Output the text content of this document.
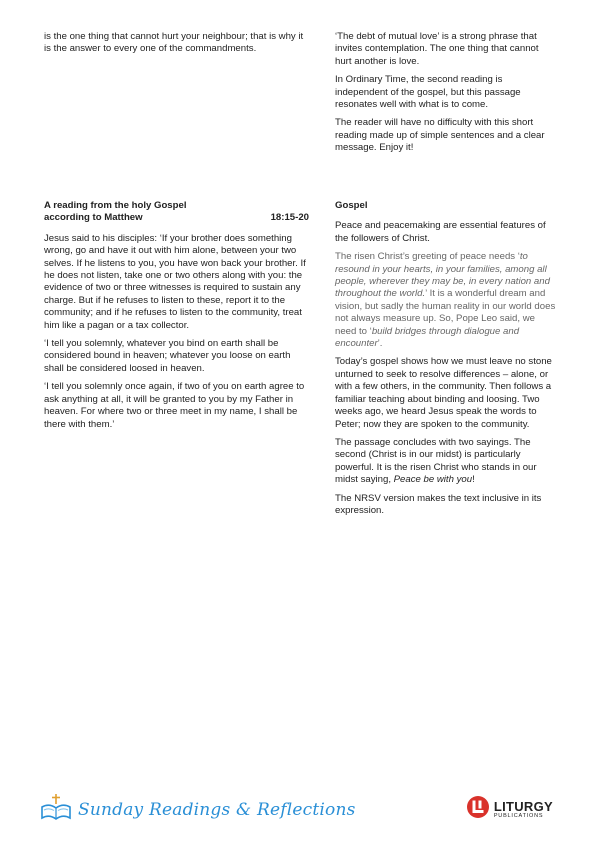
is the one thing that cannot hurt your neighbour; that is why it is the answer to every one of the commandments.

‘The debt of mutual love’ is a strong phrase that invites contemplation. The one thing that cannot hurt another is love.

In Ordinary Time, the second reading is independent of the gospel, but this passage resonates well with what is to come.

The reader will have no difficulty with this short reading made up of simple sentences and a clear message. Enjoy it!

A reading from the holy Gospel
according to Matthew	18:15-20

Jesus said to his disciples: ‘If your brother does something wrong, go and have it out with him alone, between your two selves. If he listens to you, you have won back your brother. If he does not listen, take one or two others along with you: the evidence of two or three witnesses is required to sustain any charge. But if he refuses to listen to these, report it to the community; and if he refuses to listen to the community, treat him like a pagan or a tax collector.

‘I tell you solemnly, whatever you bind on earth shall be considered bound in heaven; whatever you loose on earth shall be considered loosed in heaven.

‘I tell you solemnly once again, if two of you on earth agree to ask anything at all, it will be granted to you by my Father in heaven. For where two or three meet in my name, I shall be there with them.’

Gospel

Peace and peacemaking are essential features of the followers of Christ.

The risen Christ’s greeting of peace needs ‘to resound in your hearts, in your families, among all people, wherever they may be, in every nation and throughout the world.’ It is a wonderful dream and vision, but sadly the human reality in our world does not always measure up. So, Pope Leo said, we need to ‘build bridges through dialogue and encounter’.

Today’s gospel shows how we must leave no stone unturned to seek to resolve differences – alone, or with a few others, in the community. Then follows a familiar teaching about binding and loosing. Two weeks ago, we heard Jesus speak the words to Peter; now they are spoken to the community.

The passage concludes with two sayings. The second (Christ is in our midst) is particularly powerful. It is the risen Christ who stands in our midst saying, Peace be with you!

The NRSV version makes the text inclusive in its expression.

Sunday Readings & Reflections	LITURGY
PUBLICATIONS
